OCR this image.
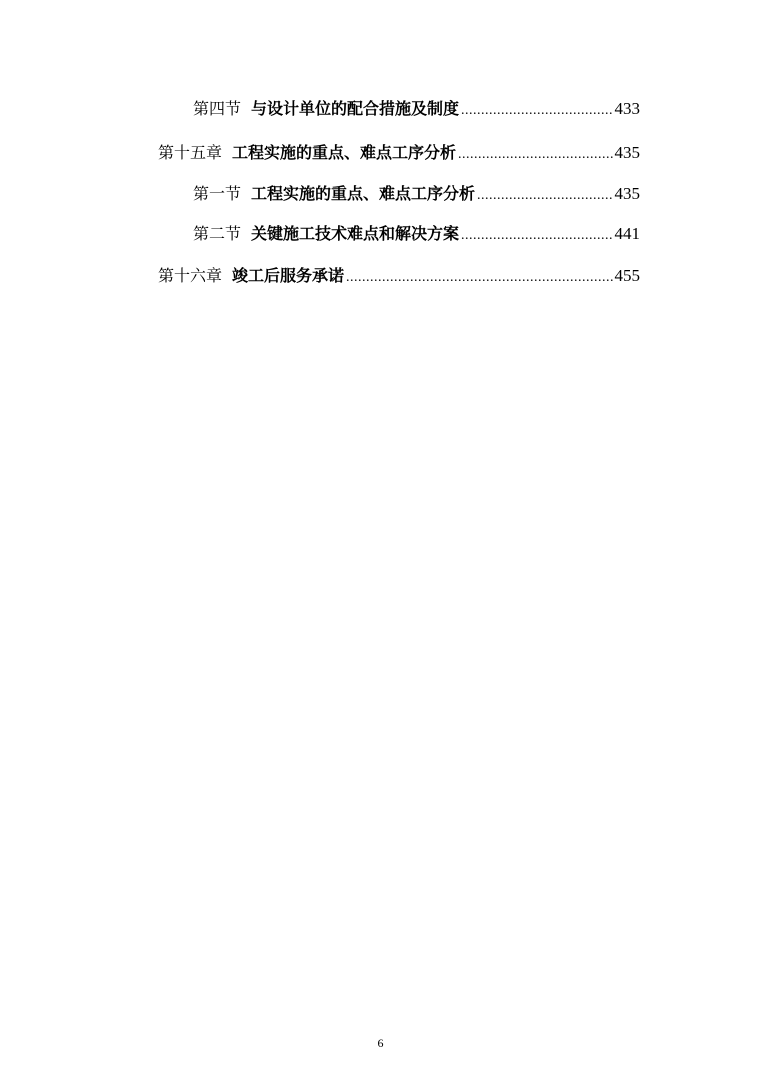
第四节 与设计单位的配合措施及制度 .....	433
第十五章 工程实施的重点、难点工序分析 .....	435
第一节 工程实施的重点、难点工序分析 .....	435
第二节 关键施工技术难点和解决方案 .....	441
第十六章 竣工后服务承诺 .....	455
6
